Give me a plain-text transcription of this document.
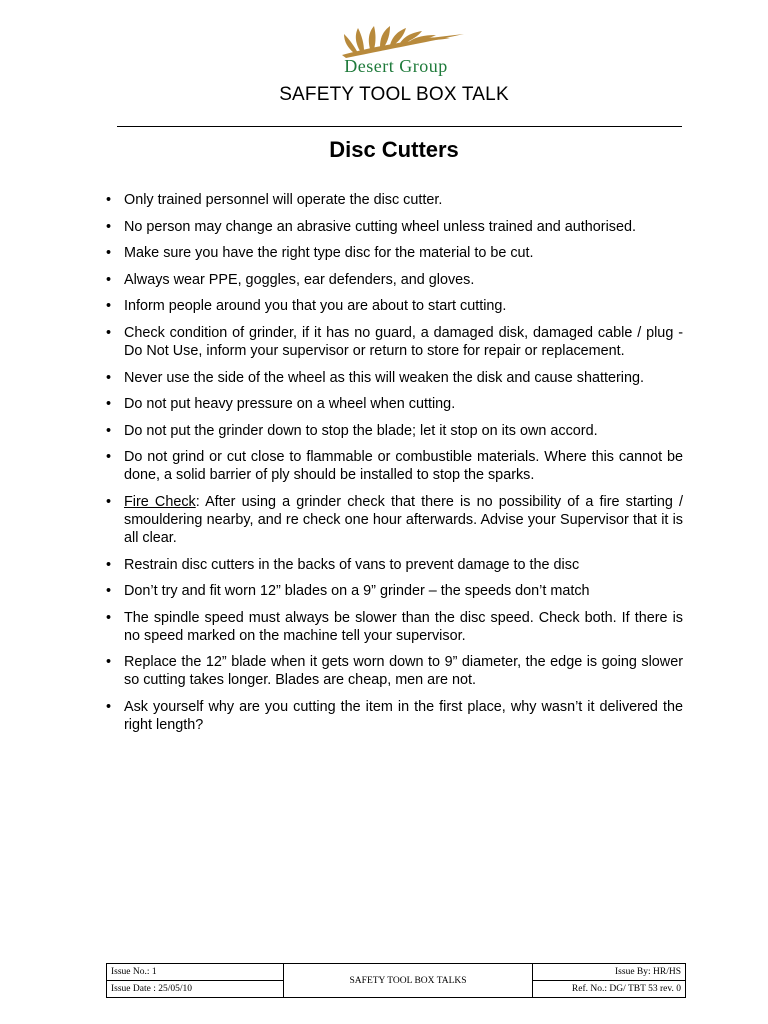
Desert Group
SAFETY TOOL BOX TALK
Disc Cutters
• Only trained personnel will operate the disc cutter.
• No person may change an abrasive cutting wheel unless trained and authorised.
• Make sure you have the right type disc for the material to be cut.
• Always wear PPE, goggles, ear defenders, and gloves.
• Inform people around you that you are about to start cutting.
• Check condition of grinder, if it has no guard, a damaged disk, damaged cable / plug - Do Not Use, inform your supervisor or return to store for repair or replacement.
• Never use the side of the wheel as this will weaken the disk and cause shattering.
• Do not put heavy pressure on a wheel when cutting.
• Do not put the grinder down to stop the blade; let it stop on its own accord.
• Do not grind or cut close to flammable or combustible materials. Where this cannot be done, a solid barrier of ply should be installed to stop the sparks.
• Fire Check: After using a grinder check that there is no possibility of a fire starting / smouldering nearby, and re check one hour afterwards. Advise your Supervisor that it is all clear.
• Restrain disc cutters in the backs of vans to prevent damage to the disc
• Don’t try and fit worn 12” blades on a 9” grinder – the speeds don’t match
• The spindle speed must always be slower than the disc speed. Check both. If there is no speed marked on the machine tell your supervisor.
• Replace the 12” blade when it gets worn down to 9” diameter, the edge is going slower so cutting takes longer. Blades are cheap, men are not.
• Ask yourself why are you cutting the item in the first place, why wasn’t it delivered the right length?
Issue No.: 1	SAFETY TOOL BOX TALKS	Issue By: HR/HS
Issue Date : 25/05/10		Ref. No.: DG/ TBT 53 rev. 0
